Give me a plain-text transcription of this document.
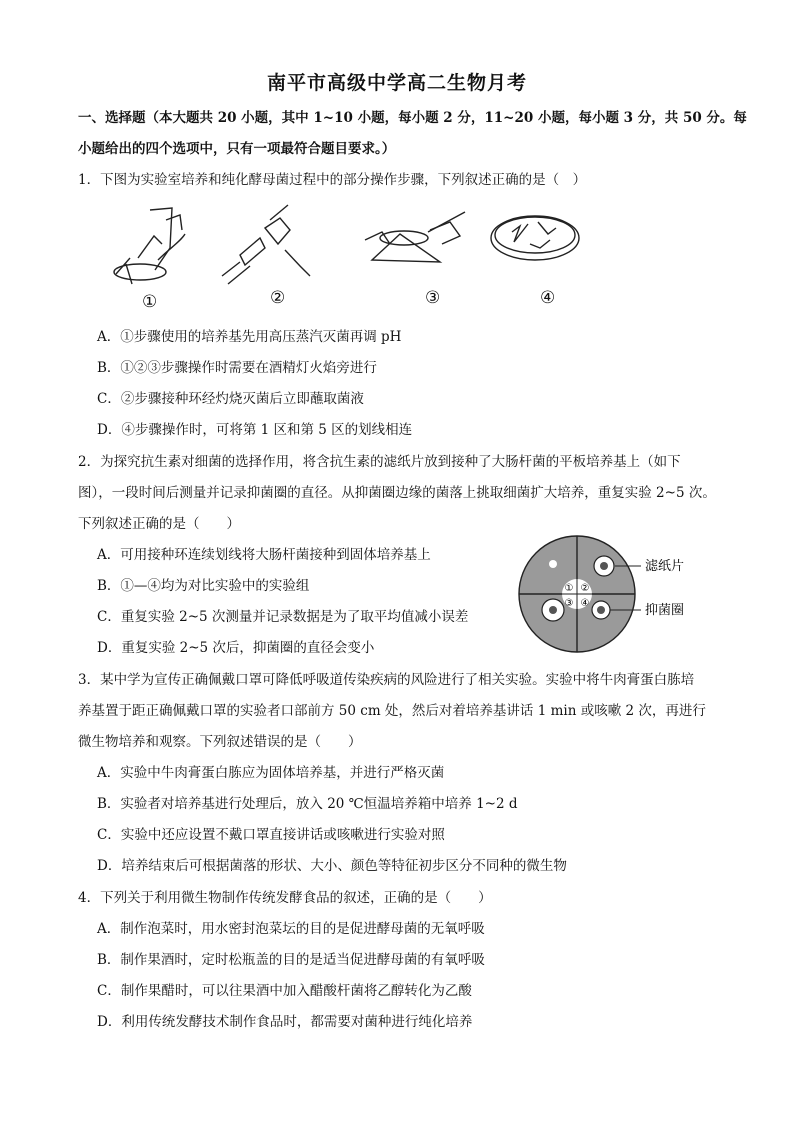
南平市高级中学高二生物月考
一、选择题（本大题共 20 小题，其中 1~10 小题，每小题 2 分，11~20 小题，每小题 3 分，共 50 分。每
小题给出的四个选项中，只有一项最符合题目要求。）
1．下图为实验室培养和纯化酵母菌过程中的部分操作步骤，下列叙述正确的是（　）
①	②	③	④
A．①步骤使用的培养基先用高压蒸汽灭菌再调 pH
B．①②③步骤操作时需要在酒精灯火焰旁进行
C．②步骤接种环经灼烧灭菌后立即蘸取菌液
D．④步骤操作时，可将第 1 区和第 5 区的划线相连
2．为探究抗生素对细菌的选择作用，将含抗生素的滤纸片放到接种了大肠杆菌的平板培养基上（如下
图），一段时间后测量并记录抑菌圈的直径。从抑菌圈边缘的菌落上挑取细菌扩大培养，重复实验 2~5 次。
下列叙述正确的是（　　）
A．可用接种环连续划线将大肠杆菌接种到固体培养基上
B．①—④均为对比实验中的实验组
C．重复实验 2~5 次测量并记录数据是为了取平均值减小误差
D．重复实验 2~5 次后，抑菌圈的直径会变小
① ②
③ ④
滤纸片
抑菌圈
3．某中学为宣传正确佩戴口罩可降低呼吸道传染疾病的风险进行了相关实验。实验中将牛肉膏蛋白胨培
养基置于距正确佩戴口罩的实验者口部前方 50 cm 处，然后对着培养基讲话 1 min 或咳嗽 2 次，再进行
微生物培养和观察。下列叙述错误的是（　　）
A．实验中牛肉膏蛋白胨应为固体培养基，并进行严格灭菌
B．实验者对培养基进行处理后，放入 20 ℃恒温培养箱中培养 1~2 d
C．实验中还应设置不戴口罩直接讲话或咳嗽进行实验对照
D．培养结束后可根据菌落的形状、大小、颜色等特征初步区分不同种的微生物
4．下列关于利用微生物制作传统发酵食品的叙述，正确的是（　　）
A．制作泡菜时，用水密封泡菜坛的目的是促进酵母菌的无氧呼吸
B．制作果酒时，定时松瓶盖的目的是适当促进酵母菌的有氧呼吸
C．制作果醋时，可以往果酒中加入醋酸杆菌将乙醇转化为乙酸
D．利用传统发酵技术制作食品时，都需要对菌种进行纯化培养
